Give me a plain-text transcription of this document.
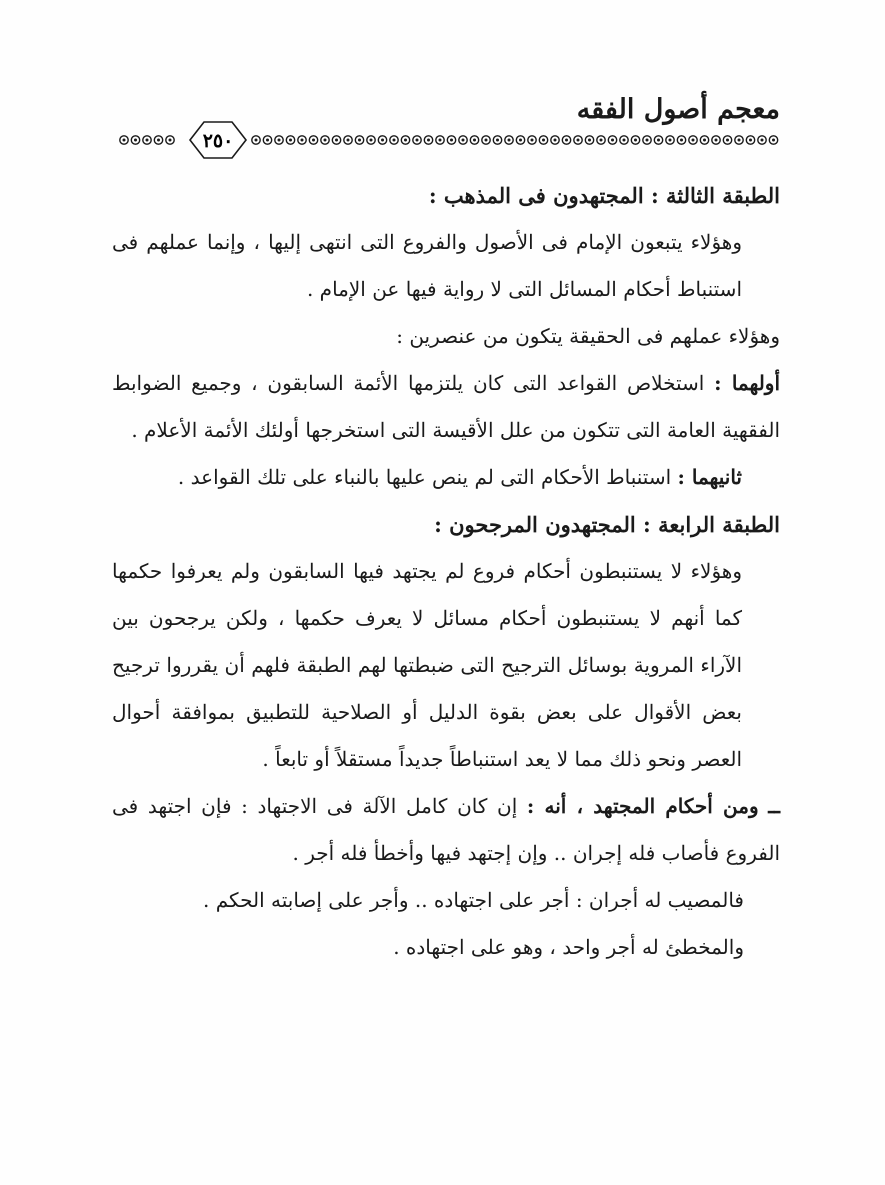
معجم أصول الفقه
٢٥٠

الطبقة الثالثة : المجتهدون فى المذهب :

وهؤلاء يتبعون الإمام فى الأصول والفروع التى انتهى إليها ، وإنما عملهم فى استنباط أحكام المسائل التى لا رواية فيها عن الإمام .

وهؤلاء عملهم فى الحقيقة يتكون من عنصرين :

أولهما : استخلاص القواعد التى كان يلتزمها الأئمة السابقون ، وجميع الضوابط الفقهية العامة التى تتكون من علل الأقيسة التى استخرجها أولئك الأئمة الأعلام .

ثانيهما : استنباط الأحكام التى لم ينص عليها بالنباء على تلك القواعد .

الطبقة الرابعة : المجتهدون المرجحون :

وهؤلاء لا يستنبطون أحكام فروع لم يجتهد فيها السابقون ولم يعرفوا حكمها كما أنهم لا يستنبطون أحكام مسائل لا يعرف حكمها ، ولكن يرجحون بين الآراء المروية بوسائل الترجيح التى ضبطتها لهم الطبقة فلهم أن يقرروا ترجيح بعض الأقوال على بعض بقوة الدليل أو الصلاحية للتطبيق بموافقة أحوال العصر ونحو ذلك مما لا يعد استنباطاً جديداً مستقلاً أو تابعاً .

ــ ومن أحكام المجتهد ، أنه : إن كان كامل الآلة فى الاجتهاد : فإن اجتهد فى الفروع فأصاب فله إجران .. وإن إجتهد فيها وأخطأ فله أجر .

فالمصيب له أجران : أجر على اجتهاده .. وأجر على إصابته الحكم .

والمخطئ له أجر واحد ، وهو على اجتهاده .
